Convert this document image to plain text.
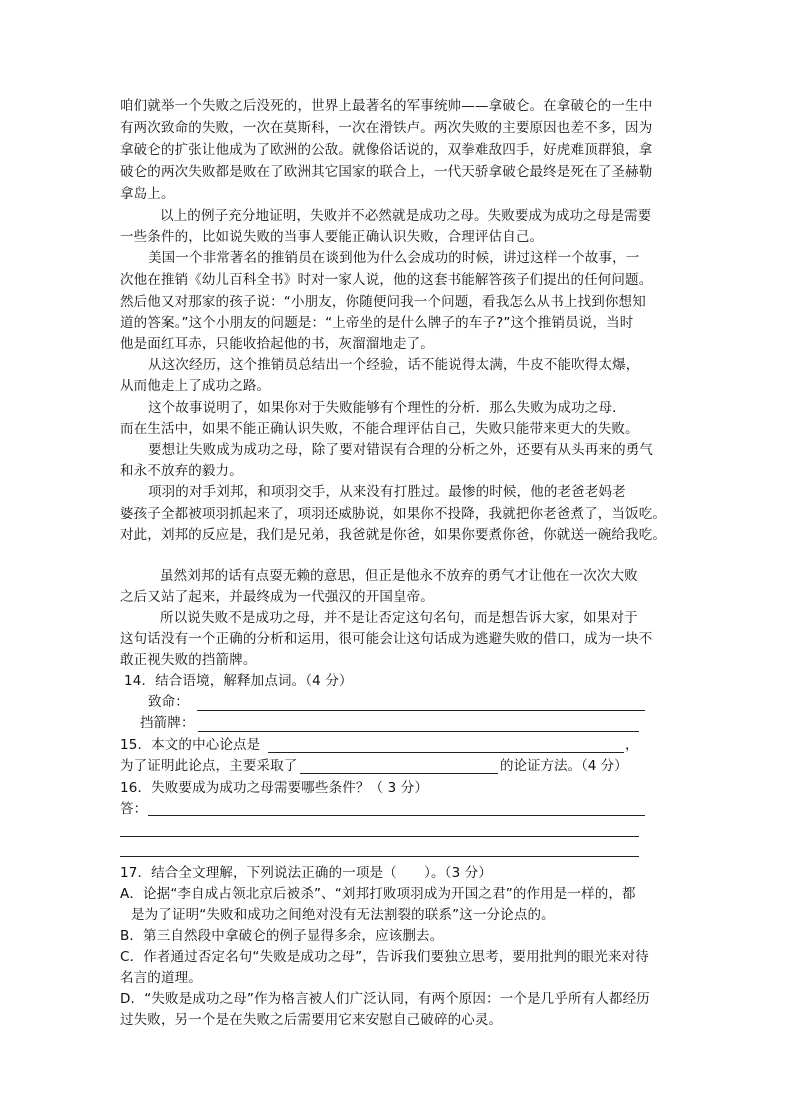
咱们就举一个失败之后没死的，世界上最著名的军事统帅——拿破仑。在拿破仑的一生中
有两次致命的失败，一次在莫斯科，一次在滑铁卢。两次失败的主要原因也差不多，因为
拿破仑的扩张让他成为了欧洲的公敌。就像俗话说的，双拳难敌四手，好虎难顶群狼，拿
破仑的两次失败都是败在了欧洲其它国家的联合上，一代天骄拿破仑最终是死在了圣赫勒
拿岛上。
以上的例子充分地证明，失败并不必然就是成功之母。失败要成为成功之母是需要
一些条件的，比如说失败的当事人要能正确认识失败，合理评估自己。
美国一个非常著名的推销员在谈到他为什么会成功的时候，讲过这样一个故事，一
次他在推销《幼儿百科全书》时对一家人说，他的这套书能解答孩子们提出的任何问题。
然后他又对那家的孩子说：“小朋友，你随便问我一个问题，看我怎么从书上找到你想知
道的答案。”这个小朋友的问题是：“上帝坐的是什么牌子的车子?”这个推销员说，当时
他是面红耳赤，只能收拾起他的书，灰溜溜地走了。
从这次经历，这个推销员总结出一个经验，话不能说得太满，牛皮不能吹得太爆，
从而他走上了成功之路。
这个故事说明了，如果你对于失败能够有个理性的分析．那么失败为成功之母．
而在生活中，如果不能正确认识失败，不能合理评估自己，失败只能带来更大的失败。
要想让失败成为成功之母，除了要对错误有合理的分析之外，还要有从头再来的勇气
和永不放弃的毅力。
项羽的对手刘邦，和项羽交手，从来没有打胜过。最惨的时候，他的老爸老妈老
婆孩子全都被项羽抓起来了，项羽还威胁说，如果你不投降，我就把你老爸煮了，当饭吃。
对此，刘邦的反应是，我们是兄弟，我爸就是你爸，如果你要煮你爸，你就送一碗给我吃。
虽然刘邦的话有点耍无赖的意思，但正是他永不放弃的勇气才让他在一次次大败
之后又站了起来，并最终成为一代强汉的开国皇帝。
所以说失败不是成功之母，并不是让否定这句名句，而是想告诉大家，如果对于
这句话没有一个正确的分析和运用，很可能会让这句话成为逃避失败的借口，成为一块不
敢正视失败的挡箭牌。
14．结合语境，解释加点词。（4 分）
致命：
挡箭牌：
15．本文的中心论点是	，
为了证明此论点，主要采取了	的论证方法。（4 分）
16．失败要成为成功之母需要哪些条件？（ 3 分）
答：
17．结合全文理解，下列说法正确的一项是（　　）。（3 分）
A．论据“李自成占领北京后被杀”、“刘邦打败项羽成为开国之君”的作用是一样的，都
是为了证明“失败和成功之间绝对没有无法割裂的联系”这一分论点的。
B．第三自然段中拿破仑的例子显得多余，应该删去。
C．作者通过否定名句“失败是成功之母”，告诉我们要独立思考，要用批判的眼光来对待
名言的道理。
D．“失败是成功之母”作为格言被人们广泛认同，有两个原因：一个是几乎所有人都经历
过失败，另一个是在失败之后需要用它来安慰自己破碎的心灵。
